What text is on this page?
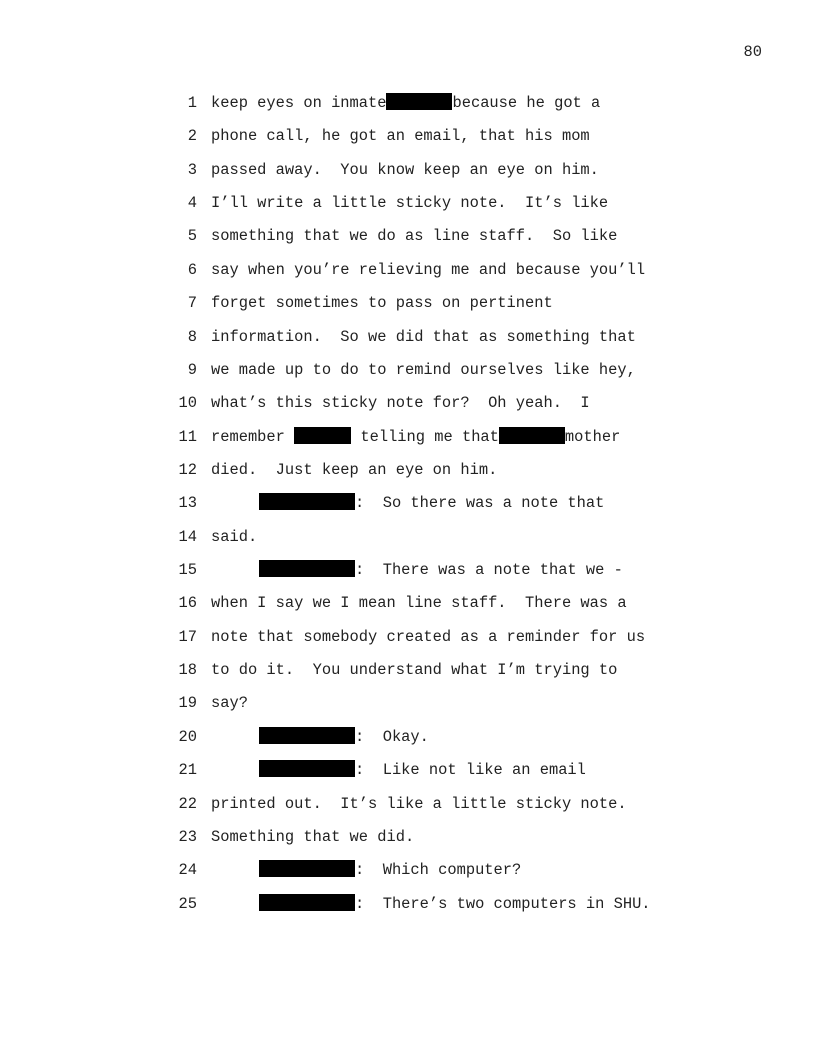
80
1 keep eyes on inmate	because he got a
2 phone call, he got an email, that his mom
3 passed away.  You know keep an eye on him.
4 I’ll write a little sticky note.  It’s like
5 something that we do as line staff.  So like
6 say when you’re relieving me and because you’ll
7 forget sometimes to pass on pertinent
8 information.  So we did that as something that
9 we made up to do to remind ourselves like hey,
10 what’s this sticky note for?  Oh yeah.  I
11 remember	telling me that	mother
12 died.  Just keep an eye on him.
13	:  So there was a note that
14 said.
15	:  There was a note that we -
16 when I say we I mean line staff.  There was a
17 note that somebody created as a reminder for us
18 to do it.  You understand what I’m trying to
19 say?
20	:  Okay.
21	:  Like not like an email
22 printed out.  It’s like a little sticky note.
23 Something that we did.
24	:  Which computer?
25	:  There’s two computers in SHU.
